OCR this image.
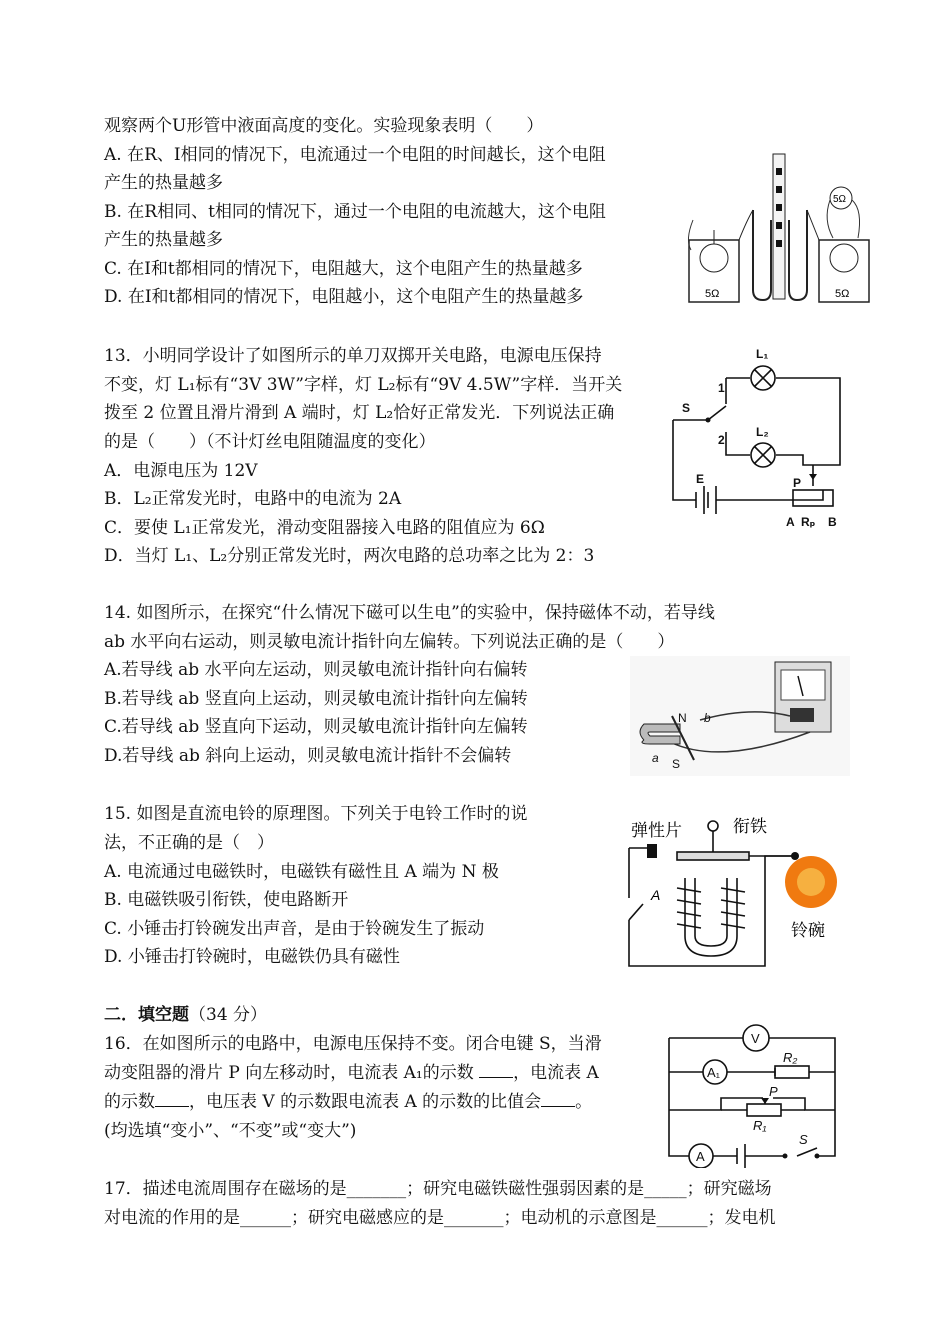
观察两个U形管中液面高度的变化。实验现象表明（　　）
A. 在R、I相同的情况下，电流通过一个电阻的时间越长，这个电阻
产生的热量越多
B. 在R相同、t相同的情况下，通过一个电阻的电流越大，这个电阻
产生的热量越多
C. 在I和t都相同的情况下，电阻越大，这个电阻产生的热量越多
D. 在I和t都相同的情况下，电阻越小，这个电阻产生的热量越多	5Ω	5Ω
5Ω
13．小明同学设计了如图所示的单刀双掷开关电路，电源电压保持
不变，灯 L₁标有“3V 3W”字样，灯 L₂标有“9V 4.5W”字样．当开关
拨至 2 位置且滑片滑到 A 端时，灯 L₂恰好正常发光．下列说法正确
的是（　　）（不计灯丝电阻随温度的变化）
A．电源电压为 12V
B．L₂正常发光时，电路中的电流为 2A
C．要使 L₁正常发光，滑动变阻器接入电路的阻值应为 6Ω
D．当灯 L₁、L₂分别正常发光时，两次电路的总功率之比为 2：3
L₁
L₂
1
2
S
E	P
A Rₚ B
14. 如图所示，在探究“什么情况下磁可以生电”的实验中，保持磁体不动，若导线
ab 水平向右运动，则灵敏电流计指针向左偏转。下列说法正确的是（　　）
A.若导线 ab 水平向左运动，则灵敏电流计指针向右偏转
B.若导线 ab 竖直向上运动，则灵敏电流计指针向左偏转
C.若导线 ab 竖直向下运动，则灵敏电流计指针向左偏转
D.若导线 ab 斜向上运动，则灵敏电流计指针不会偏转
N b
a S
15. 如图是直流电铃的原理图。下列关于电铃工作时的说
法，不正确的是（　）
A. 电流通过电磁铁时，电磁铁有磁性且 A 端为 N 极
B. 电磁铁吸引衔铁，使电路断开
C. 小锤击打铃碗发出声音，是由于铃碗发生了振动
D. 小锤击打铃碗时，电磁铁仍具有磁性
弹性片	衔铁
铃碗
A
二．填空题（34 分）
16．在如图所示的电路中，电源电压保持不变。闭合电键 S，当滑
动变阻器的滑片 P 向左移动时，电流表 A₁的示数 ，电流表 A
的示数 ，电压表 V 的示数跟电流表 A 的示数的比值会 。
(均选填“变小”、“不变”或“变大”)
V
A₁
A
R₂
P
R₁
S
17．描述电流周围存在磁场的是_______；研究电磁铁磁性强弱因素的是_____；研究磁场
对电流的作用的是______；研究电磁感应的是_______；电动机的示意图是______；发电机
